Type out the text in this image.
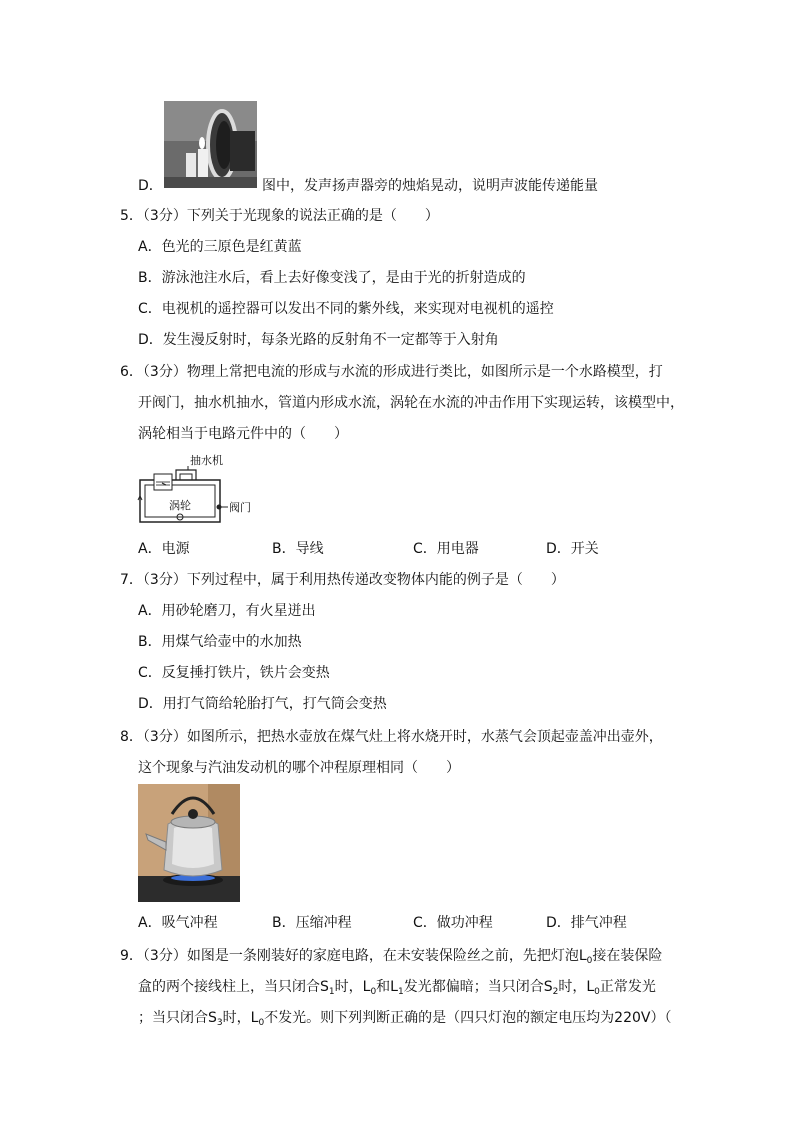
D．	图中，发声扬声器旁的烛焰晃动，说明声波能传递能量
5．（3分）下列关于光现象的说法正确的是（　　）
A．色光的三原色是红黄蓝
B．游泳池注水后，看上去好像变浅了，是由于光的折射造成的
C．电视机的遥控器可以发出不同的紫外线，来实现对电视机的遥控
D．发生漫反射时，每条光路的反射角不一定都等于入射角
6．（3分）物理上常把电流的形成与水流的形成进行类比，如图所示是一个水路模型，打
开阀门，抽水机抽水，管道内形成水流，涡轮在水流的冲击作用下实现运转，该模型中，
涡轮相当于电路元件中的（　　）
抽水机
涡轮	阀门
A．电源	B．导线	C．用电器	D．开关
7．（3分）下列过程中，属于利用热传递改变物体内能的例子是（　　）
A．用砂轮磨刀，有火星迸出
B．用煤气给壶中的水加热
C．反复捶打铁片，铁片会变热
D．用打气筒给轮胎打气，打气筒会变热
8．（3分）如图所示，把热水壶放在煤气灶上将水烧开时，水蒸气会顶起壶盖冲出壶外，
这个现象与汽油发动机的哪个冲程原理相同（　　）
A．吸气冲程	B．压缩冲程	C．做功冲程	D．排气冲程
9．（3分）如图是一条刚装好的家庭电路，在未安装保险丝之前，先把灯泡$L_0$接在装保险
盒的两个接线柱上，当只闭合$S_1$时，$L_0$和$L_1$发光都偏暗；当只闭合$S_2$时，$L_0$正常发光
；当只闭合$S_3$时，$L_0$不发光。则下列判断正确的是（四只灯泡的额定电压均为220V）（
